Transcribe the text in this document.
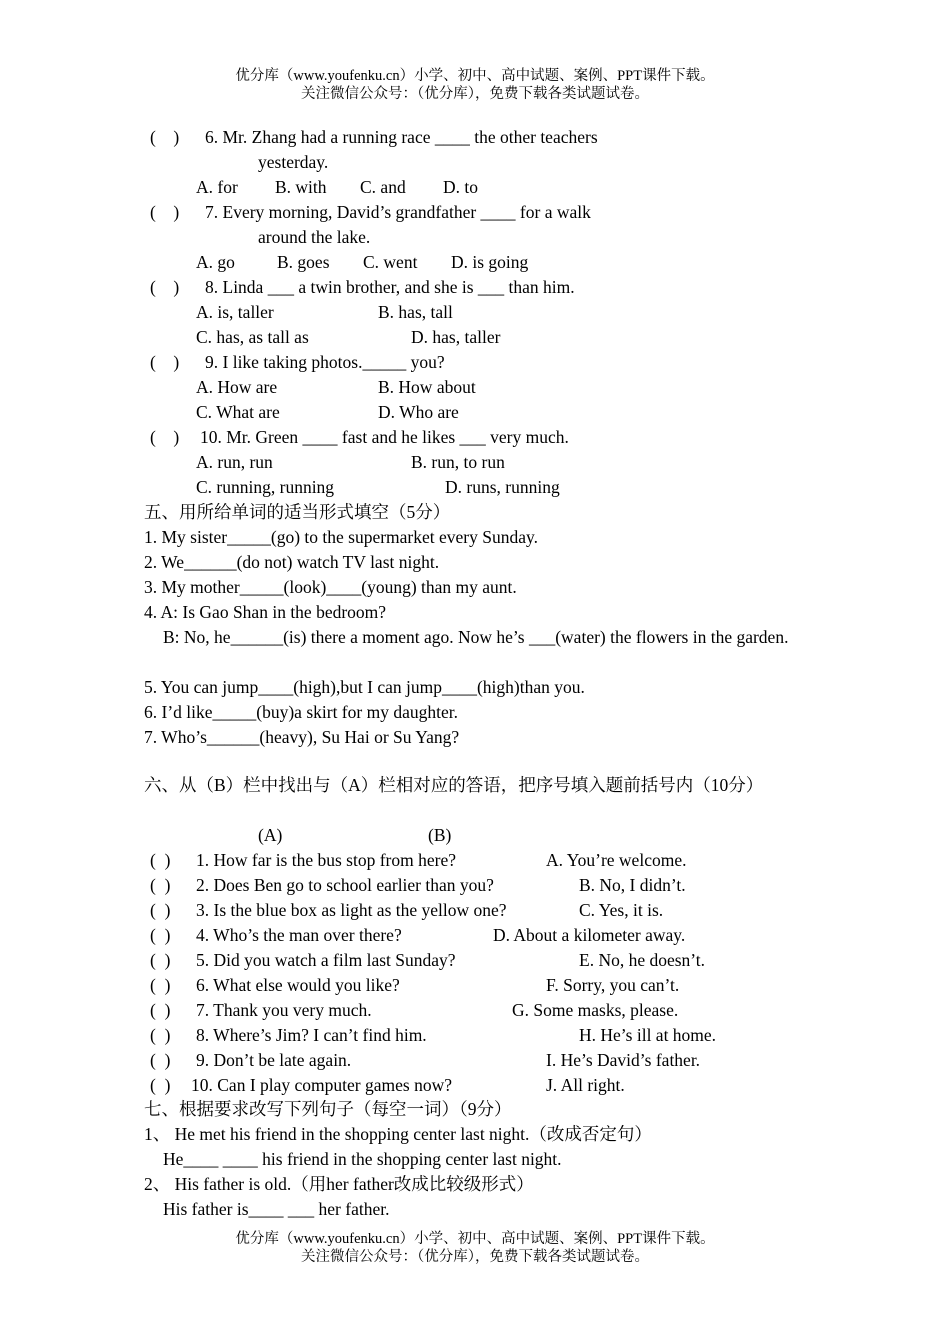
优分库（www.youfenku.cn）小学、初中、高中试题、案例、PPT课件下载。
关注微信公众号：（优分库），免费下载各类试题试卷。
(    ) 6. Mr. Zhang had a running race ____ the other teachers
yesterday.
A. for B. with C. and D. to
(    ) 7. Every morning, David’s grandfather ____ for a walk
around the lake.
A. go B. goes C. went D. is going
(    ) 8. Linda ___ a twin brother, and she is ___ than him.
A. is, taller	B. has, tall
C. has, as tall as	D. has, taller
(    ) 9. I like taking photos._____ you?
A. How are	B. How about
C. What are	D. Who are
(    ) 10. Mr. Green ____ fast and he likes ___ very much.
A. run, run	B. run, to run
C. running, running	D. runs, running
五、用所给单词的适当形式填空（5分）
1. My sister_____(go) to the supermarket every Sunday.
2. We______(do not) watch TV last night.
3. My mother_____(look)____(young) than my aunt.
4. A: Is Gao Shan in the bedroom?
B: No, he______(is) there a moment ago. Now he’s ___(water) the flowers in the garden.
5. You can jump____(high),but I can jump____(high)than you.
6. I’d like_____(buy)a skirt for my daughter.
7. Who’s______(heavy), Su Hai or Su Yang?
六、从（B）栏中找出与（A）栏相对应的答语，把序号填入题前括号内（10分）
(A)	(B)
(  ) 1. How far is the bus stop from here?	A. You’re welcome.
(  ) 2. Does Ben go to school earlier than you?	B. No, I didn’t.
(  ) 3. Is the blue box as light as the yellow one?	C. Yes, it is.
(  ) 4. Who’s the man over there?	D. About a kilometer away.
(  ) 5. Did you watch a film last Sunday?	E. No, he doesn’t.
(  ) 6. What else would you like?	F. Sorry, you can’t.
(  ) 7. Thank you very much.	G. Some masks, please.
(  ) 8. Where’s Jim? I can’t find him.	H. He’s ill at home.
(  ) 9. Don’t be late again.	I. He’s David’s father.
(  ) 10. Can I play computer games now?	J. All right.
七、根据要求改写下列句子（每空一词）（9分）
1、 He met his friend in the shopping center last night.（改成否定句）
He____ ____ his friend in the shopping center last night.
2、 His father is old.（用her father改成比较级形式）
His father is____ ___ her father.
优分库（www.youfenku.cn）小学、初中、高中试题、案例、PPT课件下载。
关注微信公众号：（优分库），免费下载各类试题试卷。
